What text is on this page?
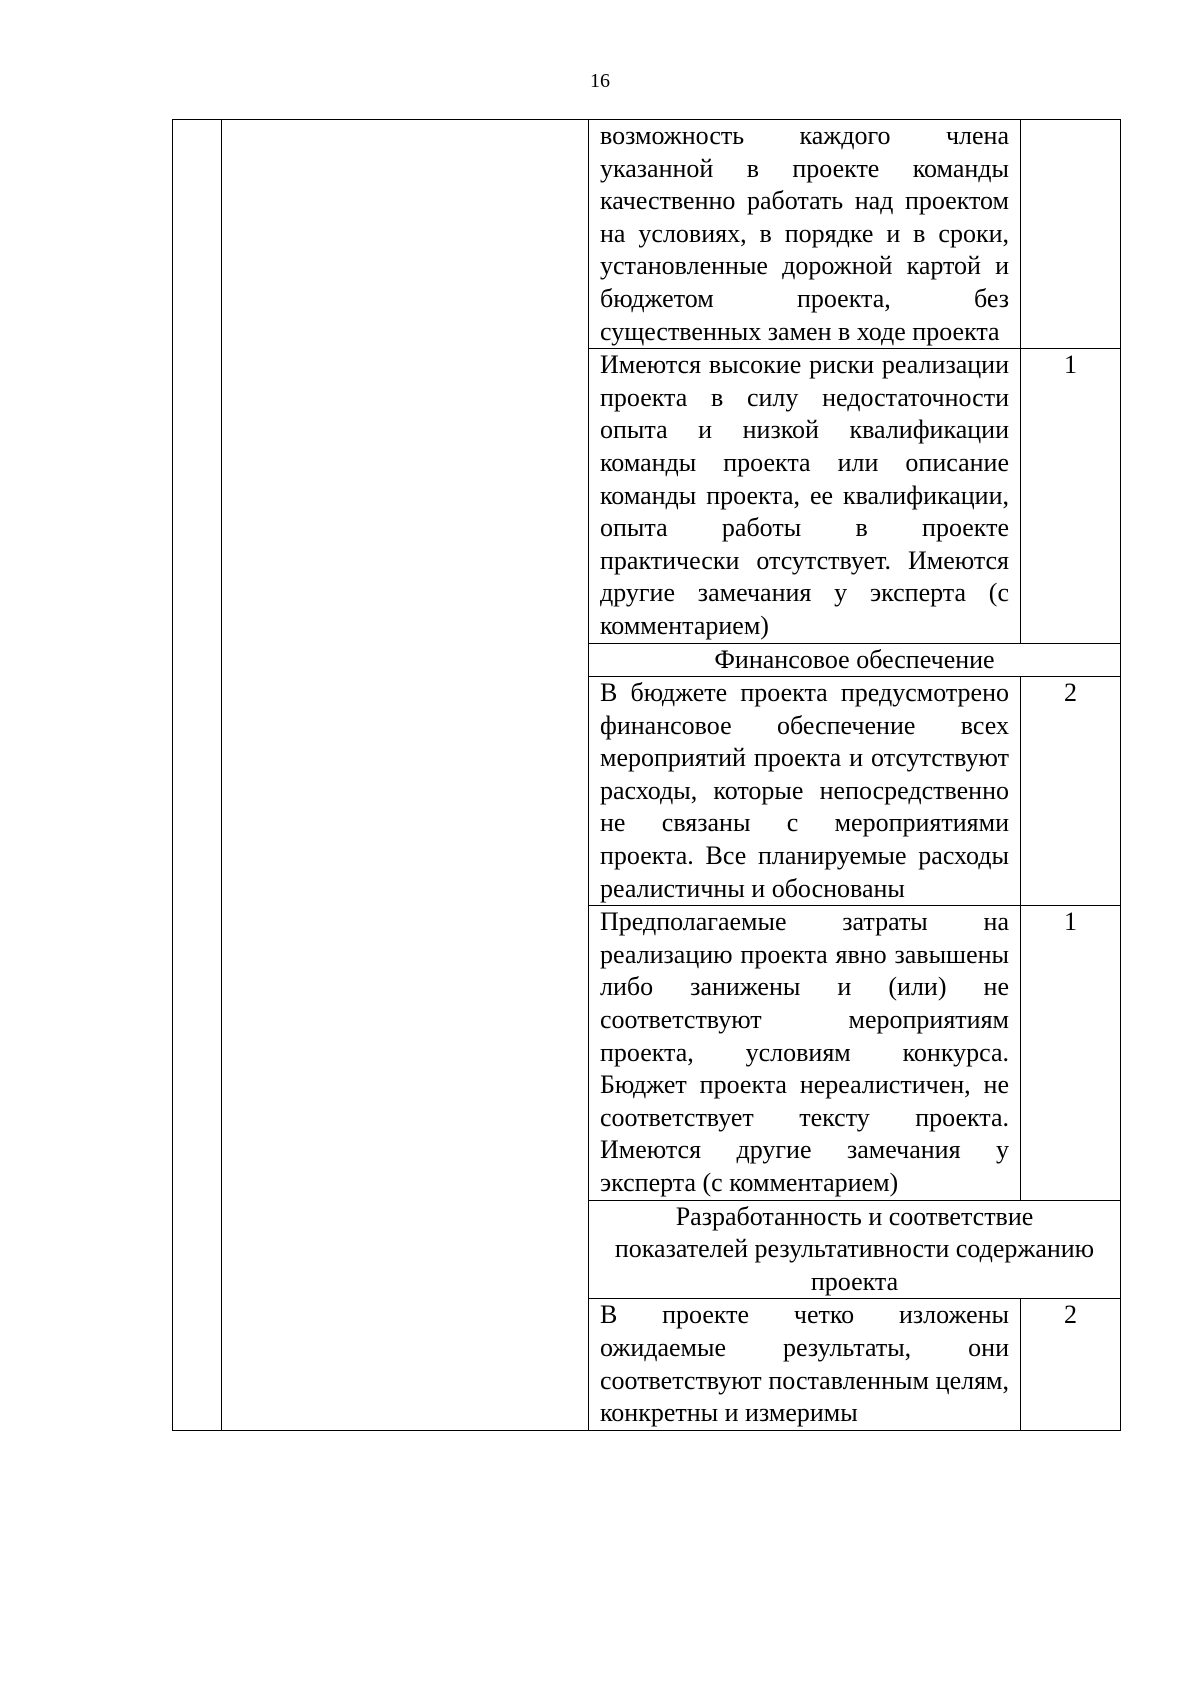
16

		возможность каждого члена указанной в проекте команды качественно работать над проектом на условиях, в порядке и в сроки, установленные дорожной картой и бюджетом проекта, без существенных замен в ходе проекта	

		Имеются высокие риски реализации проекта в силу недостаточности опыта и низкой квалификации команды проекта или описание команды проекта, ее квалификации, опыта работы в проекте практически отсутствует. Имеются другие замечания у эксперта (с комментарием)	1

		Финансовое обеспечение	

		В бюджете проекта предусмотрено финансовое обеспечение всех мероприятий проекта и отсутствуют расходы, которые непосредственно не связаны с мероприятиями проекта. Все планируемые расходы реалистичны и обоснованы	2

		Предполагаемые затраты на реализацию проекта явно завышены либо занижены и (или) не соответствуют мероприятиям проекта, условиям конкурса. Бюджет проекта нереалистичен, не соответствует тексту проекта. Имеются другие замечания у эксперта (с комментарием)	1

		Разработанность и соответствие показателей результативности содержанию проекта	

		В проекте четко изложены ожидаемые результаты, они соответствуют поставленным целям, конкретны и измеримы	2
